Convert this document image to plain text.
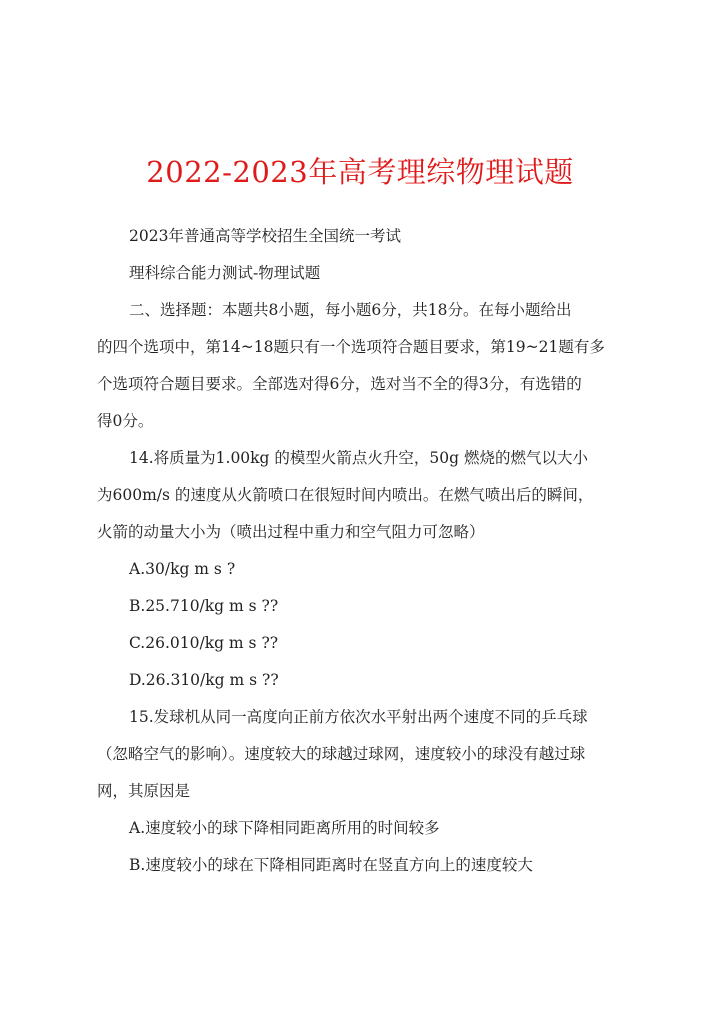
2022-2023年高考理综物理试题

2023年普通高等学校招生全国统一考试

理科综合能力测试-物理试题

二、选择题：本题共8小题，每小题6分，共18分。在每小题给出

的四个选项中，第14~18题只有一个选项符合题目要求，第19~21题有多

个选项符合题目要求。全部选对得6分，选对当不全的得3分，有选错的

得0分。

14.将质量为1.00kg 的模型火箭点火升空，50g 燃烧的燃气以大小

为600m/s 的速度从火箭喷口在很短时间内喷出。在燃气喷出后的瞬间，

火箭的动量大小为（喷出过程中重力和空气阻力可忽略）

A.30/kg m s ?

B.25.710/kg m s ??

C.26.010/kg m s ??

D.26.310/kg m s ??

15.发球机从同一高度向正前方依次水平射出两个速度不同的乒乓球

（忽略空气的影响）。速度较大的球越过球网，速度较小的球没有越过球

网，其原因是

A.速度较小的球下降相同距离所用的时间较多

B.速度较小的球在下降相同距离时在竖直方向上的速度较大
